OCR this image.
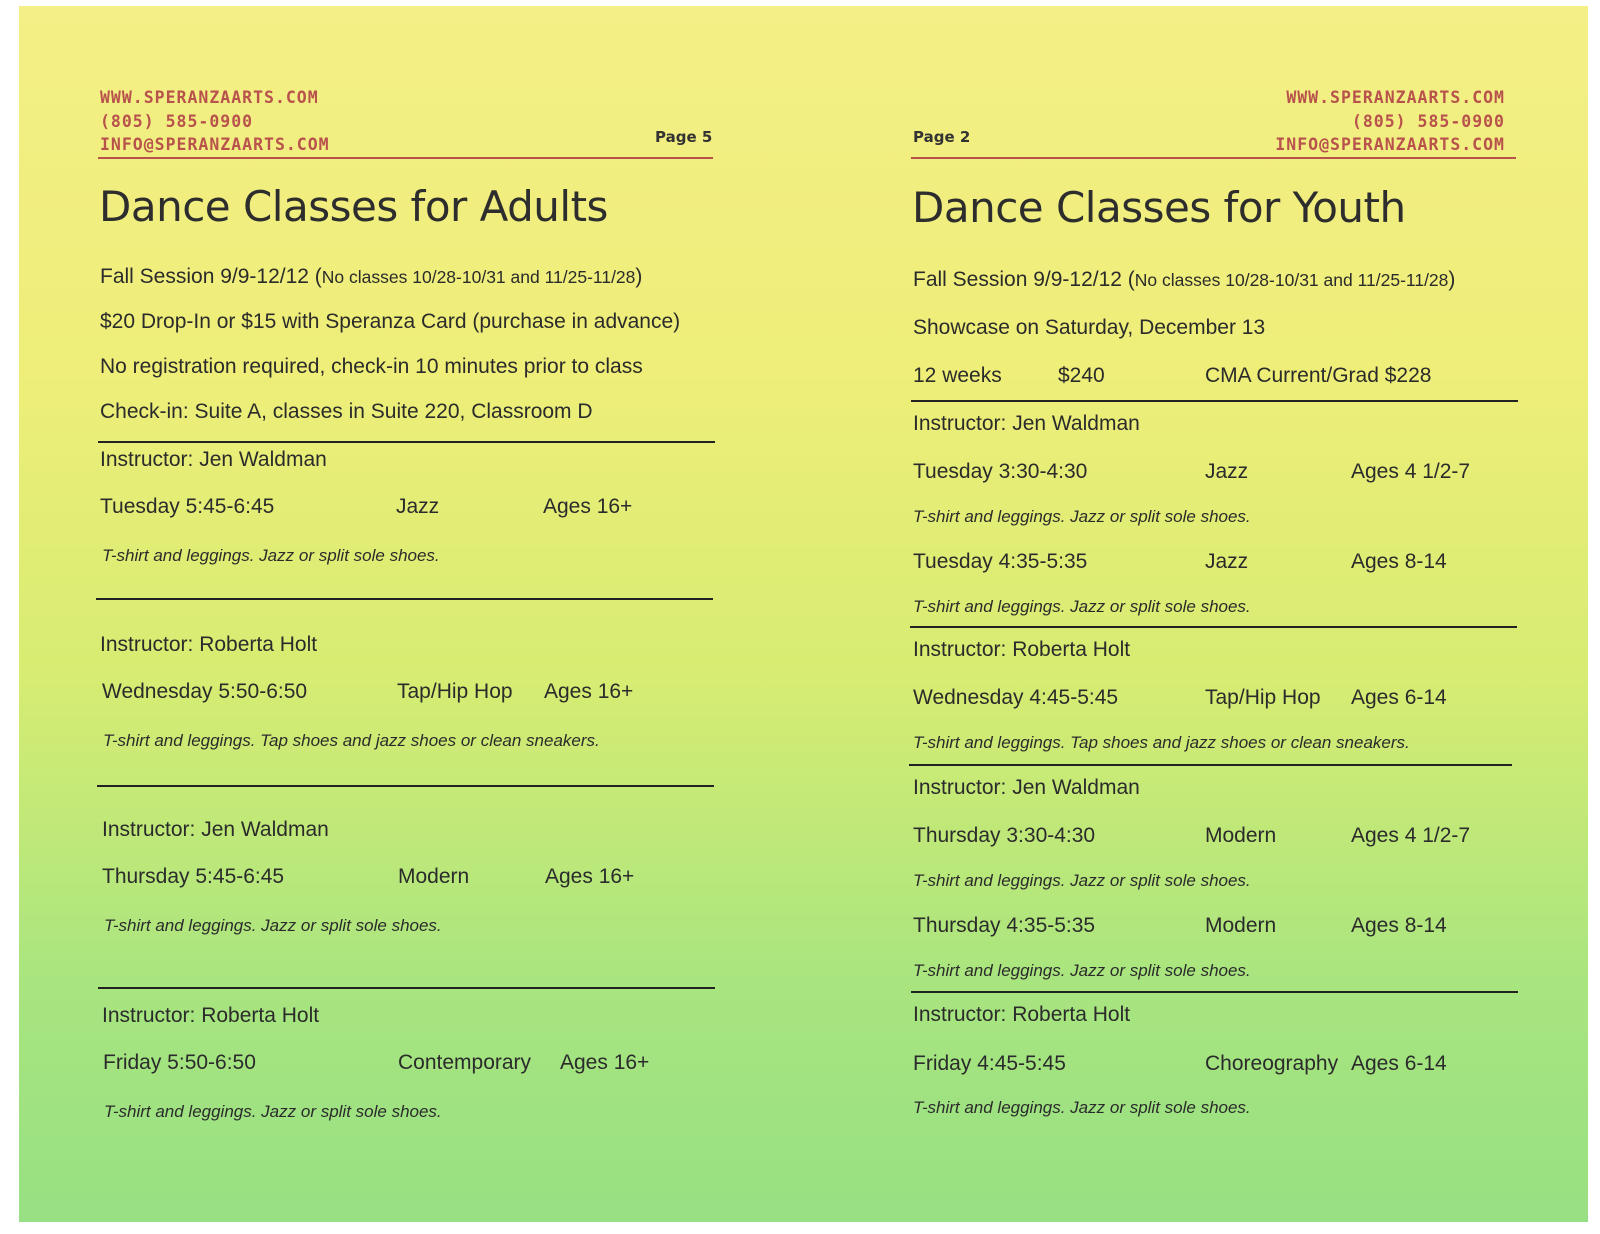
WWW.SPERANZAARTS.COM
(805) 585-0900
INFO@SPERANZAARTS.COM	Page 5
Dance Classes for Adults
Fall Session 9/9-12/12 (No classes 10/28-10/31 and 11/25-11/28)
$20 Drop-In or $15 with Speranza Card (purchase in advance)
No registration required, check-in 10 minutes prior to class
Check-in: Suite A, classes in Suite 220, Classroom D
Instructor: Jen Waldman
Tuesday 5:45-6:45	Jazz	Ages 16+
T-shirt and leggings. Jazz or split sole shoes.
Instructor: Roberta Holt
Wednesday 5:50-6:50	Tap/Hip Hop Ages 16+
T-shirt and leggings. Tap shoes and jazz shoes or clean sneakers.
Instructor: Jen Waldman
Thursday 5:45-6:45	Modern	Ages 16+
T-shirt and leggings. Jazz or split sole shoes.
Instructor: Roberta Holt
Friday 5:50-6:50	Contemporary Ages 16+
T-shirt and leggings. Jazz or split sole shoes.
Page 2
WWW.SPERANZAARTS.COM
(805) 585-0900
INFO@SPERANZAARTS.COM
Dance Classes for Youth
Fall Session 9/9-12/12 (No classes 10/28-10/31 and 11/25-11/28)
Showcase on Saturday, December 13
12 weeks	$240	CMA Current/Grad $228
Instructor: Jen Waldman
Tuesday 3:30-4:30	Jazz	Ages 4 1/2-7
T-shirt and leggings. Jazz or split sole shoes.
Tuesday 4:35-5:35	Jazz	Ages 8-14
T-shirt and leggings. Jazz or split sole shoes.
Instructor: Roberta Holt
Wednesday 4:45-5:45	Tap/Hip Hop Ages 6-14
T-shirt and leggings. Tap shoes and jazz shoes or clean sneakers.
Instructor: Jen Waldman
Thursday 3:30-4:30	Modern	Ages 4 1/2-7
T-shirt and leggings. Jazz or split sole shoes.
Thursday 4:35-5:35	Modern	Ages 8-14
T-shirt and leggings. Jazz or split sole shoes.
Instructor: Roberta Holt
Friday 4:45-5:45	Choreography Ages 6-14
T-shirt and leggings. Jazz or split sole shoes.
